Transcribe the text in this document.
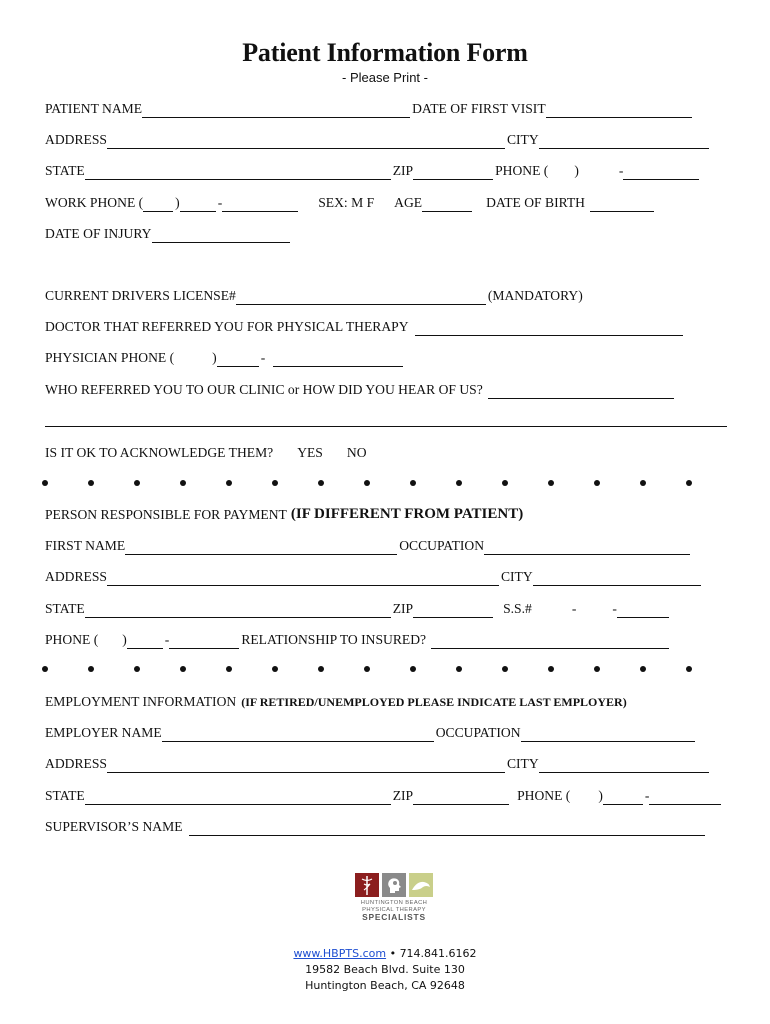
Patient Information Form
- Please Print -
PATIENT NAME	DATE OF FIRST VISIT
ADDRESS	CITY
STATE	ZIP	PHONE ( )	-
WORK PHONE ( )	-	SEX: M F AGE	DATE OF BIRTH
DATE OF INJURY
CURRENT DRIVERS LICENSE#	(MANDATORY)
DOCTOR THAT REFERRED YOU FOR PHYSICAL THERAPY
PHYSICIAN PHONE (	)	-
WHO REFERRED YOU TO OUR CLINIC or HOW DID YOU HEAR OF US?
IS IT OK TO ACKNOWLEDGE THEM? YES NO
PERSON RESPONSIBLE FOR PAYMENT (IF DIFFERENT FROM PATIENT)
FIRST NAME	OCCUPATION
ADDRESS	CITY
STATE	ZIP	S.S.#	-	-
PHONE ( )	-	RELATIONSHIP TO INSURED?
EMPLOYMENT INFORMATION (IF RETIRED/UNEMPLOYED PLEASE INDICATE LAST EMPLOYER)
EMPLOYER NAME	OCCUPATION
ADDRESS	CITY
STATE	ZIP	PHONE ( )	-
SUPERVISOR’S NAME
HUNTINGTON BEACH
PHYSICAL THERAPY
SPECIALISTS
www.HBPTS.com • 714.841.6162
19582 Beach Blvd. Suite 130
Huntington Beach, CA 92648
